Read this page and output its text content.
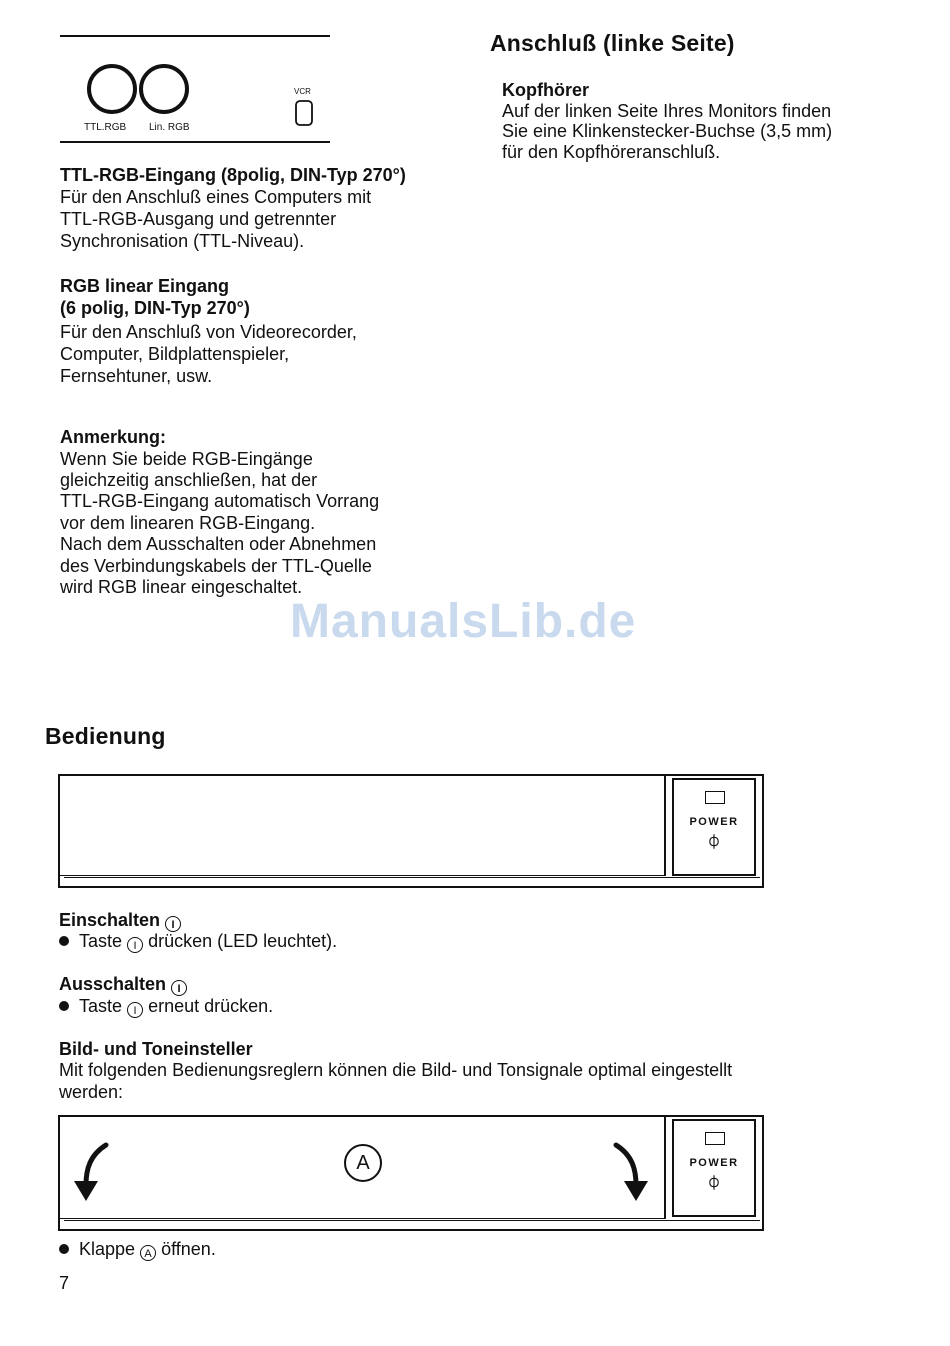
TTL.RGB Lin. RGB
VCR
TTL-RGB-Eingang (8polig, DIN-Typ 270°)
Für den Anschluß eines Computers mit
TTL-RGB-Ausgang und getrennter
Synchronisation (TTL-Niveau).
RGB linear Eingang
(6 polig, DIN-Typ 270°)
Für den Anschluß von Videorecorder,
Computer, Bildplattenspieler,
Fernsehtuner, usw.
Anmerkung:
Wenn Sie beide RGB-Eingänge
gleichzeitig anschließen, hat der
TTL-RGB-Eingang automatisch Vorrang
vor dem linearen RGB-Eingang.
Nach dem Ausschalten oder Abnehmen
des Verbindungskabels der TTL-Quelle
wird RGB linear eingeschaltet.
Anschluß (linke Seite)
Kopfhörer
Auf der linken Seite Ihres Monitors finden
Sie eine Klinkenstecker-Buchse (3,5 mm)
für den Kopfhöreranschluß.
ManualsLib.de
Bedienung
POWER
⏀
Einschalten I
Taste I drücken (LED leuchtet).
Ausschalten I
Taste I erneut drücken.
Bild- und Toneinsteller
Mit folgenden Bedienungsreglern können die Bild- und Tonsignale optimal eingestellt
werden:
A	POWER
⏀
Klappe A öffnen.
7
